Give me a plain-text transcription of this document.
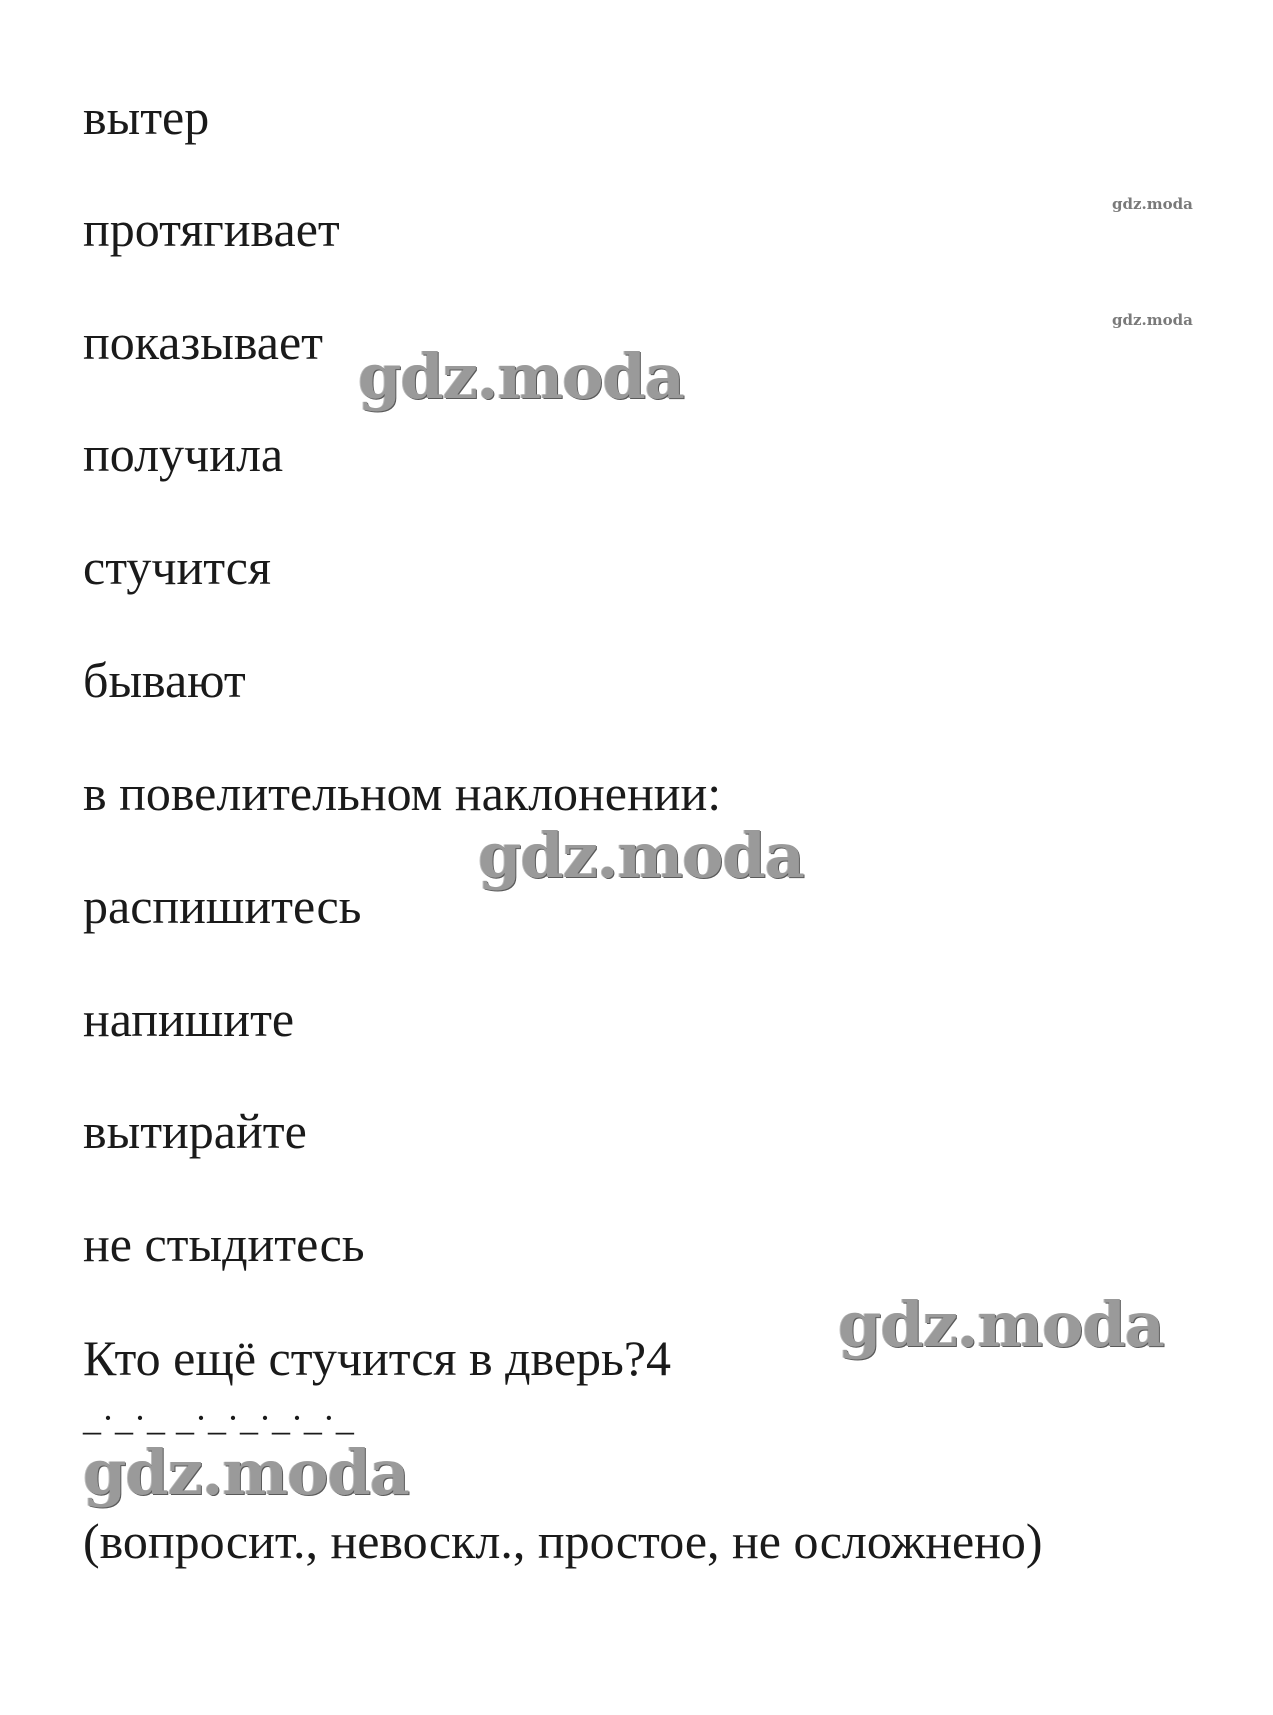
вытер
протягивает
показывает
получила
стучится
бывают
в повелительном наклонении:
распишитесь
напишите
вытирайте
не стыдитесь
Кто ещё стучится в дверь?4
_·_·_ _·_·_·_·_·_
(вопросит., невоскл., простое, не осложнено)
gdz.moda
gdz.moda
gdz.moda
gdz.moda
gdz.moda
gdz.moda
